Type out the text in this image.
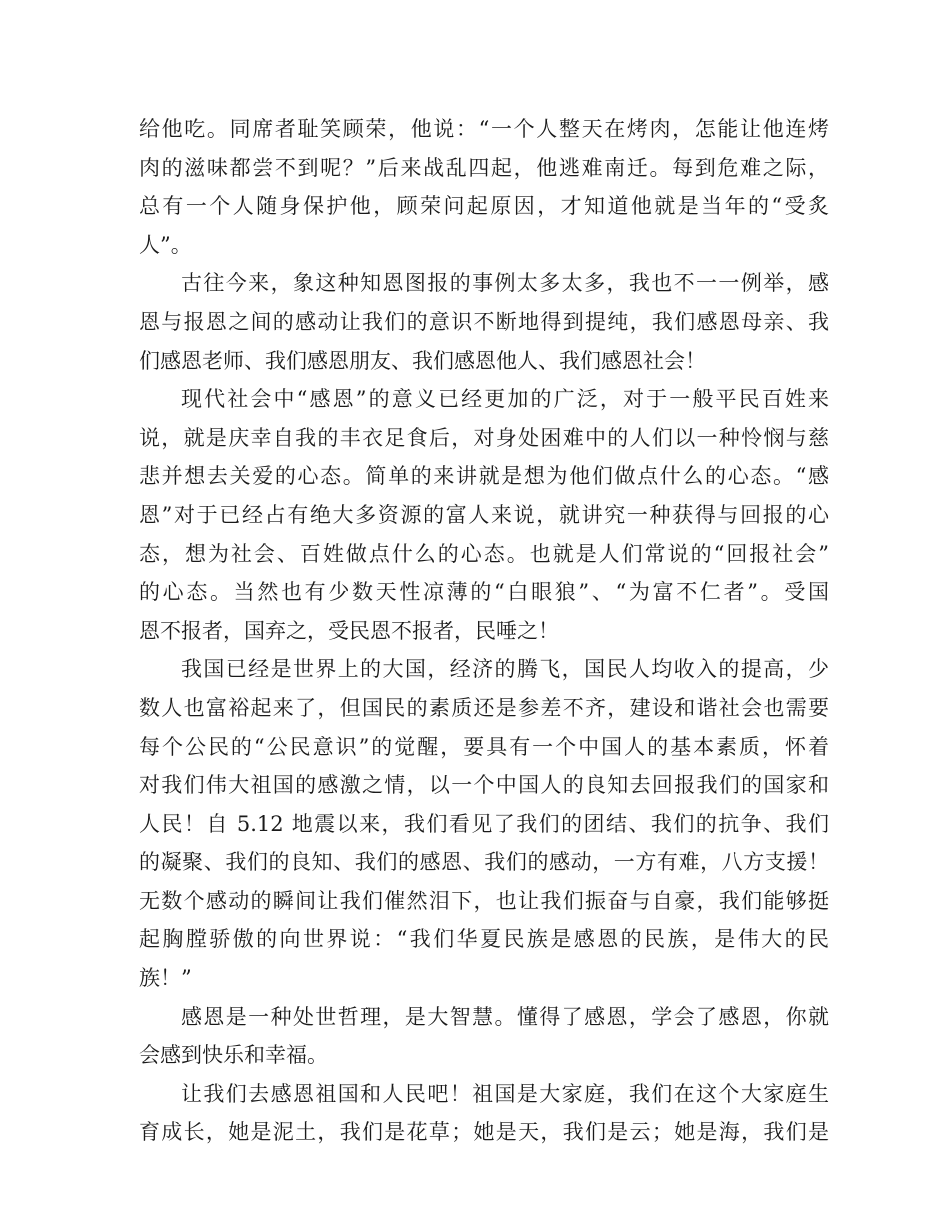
给他吃。同席者耻笑顾荣，他说：“一个人整天在烤肉，怎能让他连烤
肉的滋味都尝不到呢？”后来战乱四起，他逃难南迁。每到危难之际，
总有一个人随身保护他，顾荣问起原因，才知道他就是当年的“受炙
人”。
古往今来，象这种知恩图报的事例太多太多，我也不一一例举，感
恩与报恩之间的感动让我们的意识不断地得到提纯，我们感恩母亲、我
们感恩老师、我们感恩朋友、我们感恩他人、我们感恩社会！
现代社会中“感恩”的意义已经更加的广泛，对于一般平民百姓来
说，就是庆幸自我的丰衣足食后，对身处困难中的人们以一种怜悯与慈
悲并想去关爱的心态。简单的来讲就是想为他们做点什么的心态。“感
恩”对于已经占有绝大多资源的富人来说，就讲究一种获得与回报的心
态，想为社会、百姓做点什么的心态。也就是人们常说的“回报社会”
的心态。当然也有少数天性凉薄的“白眼狼”、“为富不仁者”。受国
恩不报者，国弃之，受民恩不报者，民唾之！
我国已经是世界上的大国，经济的腾飞，国民人均收入的提高，少
数人也富裕起来了，但国民的素质还是参差不齐，建设和谐社会也需要
每个公民的“公民意识”的觉醒，要具有一个中国人的基本素质，怀着
对我们伟大祖国的感激之情，以一个中国人的良知去回报我们的国家和
人民！自 5.12 地震以来，我们看见了我们的团结、我们的抗争、我们
的凝聚、我们的良知、我们的感恩、我们的感动，一方有难，八方支援！
无数个感动的瞬间让我们催然泪下，也让我们振奋与自豪，我们能够挺
起胸膛骄傲的向世界说：“我们华夏民族是感恩的民族，是伟大的民
族！”
感恩是一种处世哲理，是大智慧。懂得了感恩，学会了感恩，你就
会感到快乐和幸福。
让我们去感恩祖国和人民吧！祖国是大家庭，我们在这个大家庭生
育成长，她是泥土，我们是花草；她是天，我们是云；她是海，我们是
